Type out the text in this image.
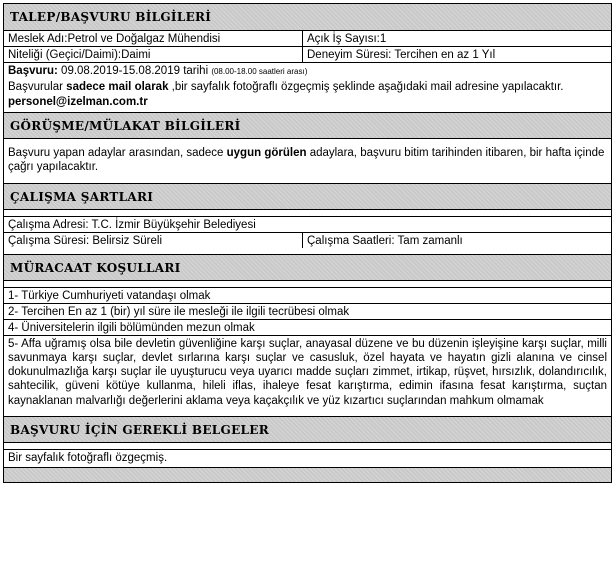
TALEP/BAŞVURU BİLGİLERİ
Meslek Adı:Petrol ve Doğalgaz Mühendisi	Açık İş Sayısı:1
Niteliği (Geçici/Daimi):Daimi	Deneyim Süresi: Tercihen en az 1 Yıl
Başvuru: 09.08.2019-15.08.2019 tarihi (08.00-18.00 saatleri arası)
Başvurular sadece mail olarak ,bir sayfalık fotoğraflı özgeçmiş şeklinde aşağıdaki mail adresine yapılacaktır.
personel@izelman.com.tr
GÖRÜŞME/MÜLAKAT BİLGİLERİ
Başvuru yapan adaylar arasından, sadece uygun görülen adaylara, başvuru bitim tarihinden itibaren, bir hafta içinde çağrı yapılacaktır.
ÇALIŞMA ŞARTLARI
Çalışma Adresi: T.C. İzmir Büyükşehir Belediyesi
Çalışma Süresi: Belirsiz Süreli	Çalışma Saatleri: Tam zamanlı
MÜRACAAT KOŞULLARI
1- Türkiye Cumhuriyeti vatandaşı olmak
2- Tercihen En az 1 (bir) yıl süre ile mesleği ile ilgili tecrübesi olmak
4- Üniversitelerin ilgili bölümünden mezun olmak
5- Affa uğramış olsa bile devletin güvenliğine karşı suçlar, anayasal düzene ve bu düzenin işleyişine karşı suçlar, milli savunmaya karşı suçlar, devlet sırlarına karşı suçlar ve casusluk, özel hayata ve hayatın gizli alanına ve cinsel dokunulmazlığa karşı suçlar ile uyuşturucu veya uyarıcı madde suçları zimmet, irtikap, rüşvet, hırsızlık, dolandırıcılık, sahtecilik, güveni kötüye kullanma, hileli iflas, ihaleye fesat karıştırma, edimin ifasına fesat karıştırma, suçtan kaynaklanan malvarlığı değerlerini aklama veya kaçakçılık ve yüz kızartıcı suçlarından mahkum olmamak
BAŞVURU İÇİN GEREKLİ BELGELER
Bir sayfalık fotoğraflı özgeçmiş.
